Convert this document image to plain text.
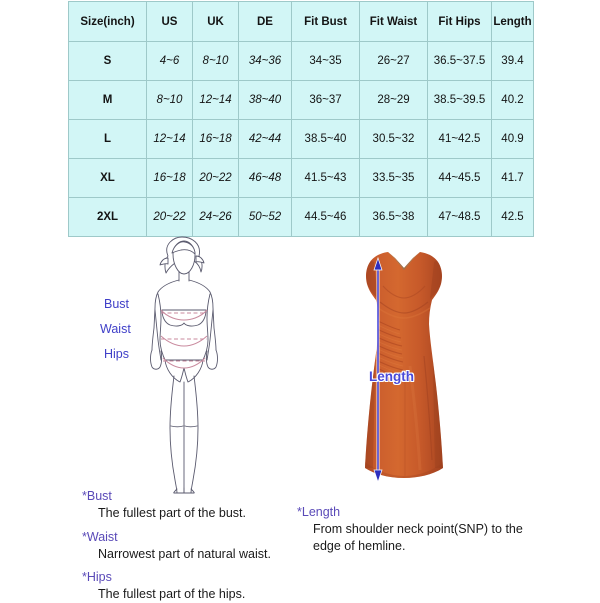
Size(inch)	US	UK	DE	Fit Bust	Fit Waist	Fit Hips	Length
S	4~6	8~10	34~36	34~35	26~27	36.5~37.5	39.4
M	8~10	12~14	38~40	36~37	28~29	38.5~39.5	40.2
L	12~14	16~18	42~44	38.5~40	30.5~32	41~42.5	40.9
XL	16~18	20~22	46~48	41.5~43	33.5~35	44~45.5	41.7
2XL	20~22	24~26	50~52	44.5~46	36.5~38	47~48.5	42.5
Bust
Waist
Hips
Length

*Bust

The fullest part of the bust.

*Waist

Narrowest part of natural waist.

*Hips

The fullest part of the hips.

*Length

From shoulder neck point(SNP) to the edge of hemline.
